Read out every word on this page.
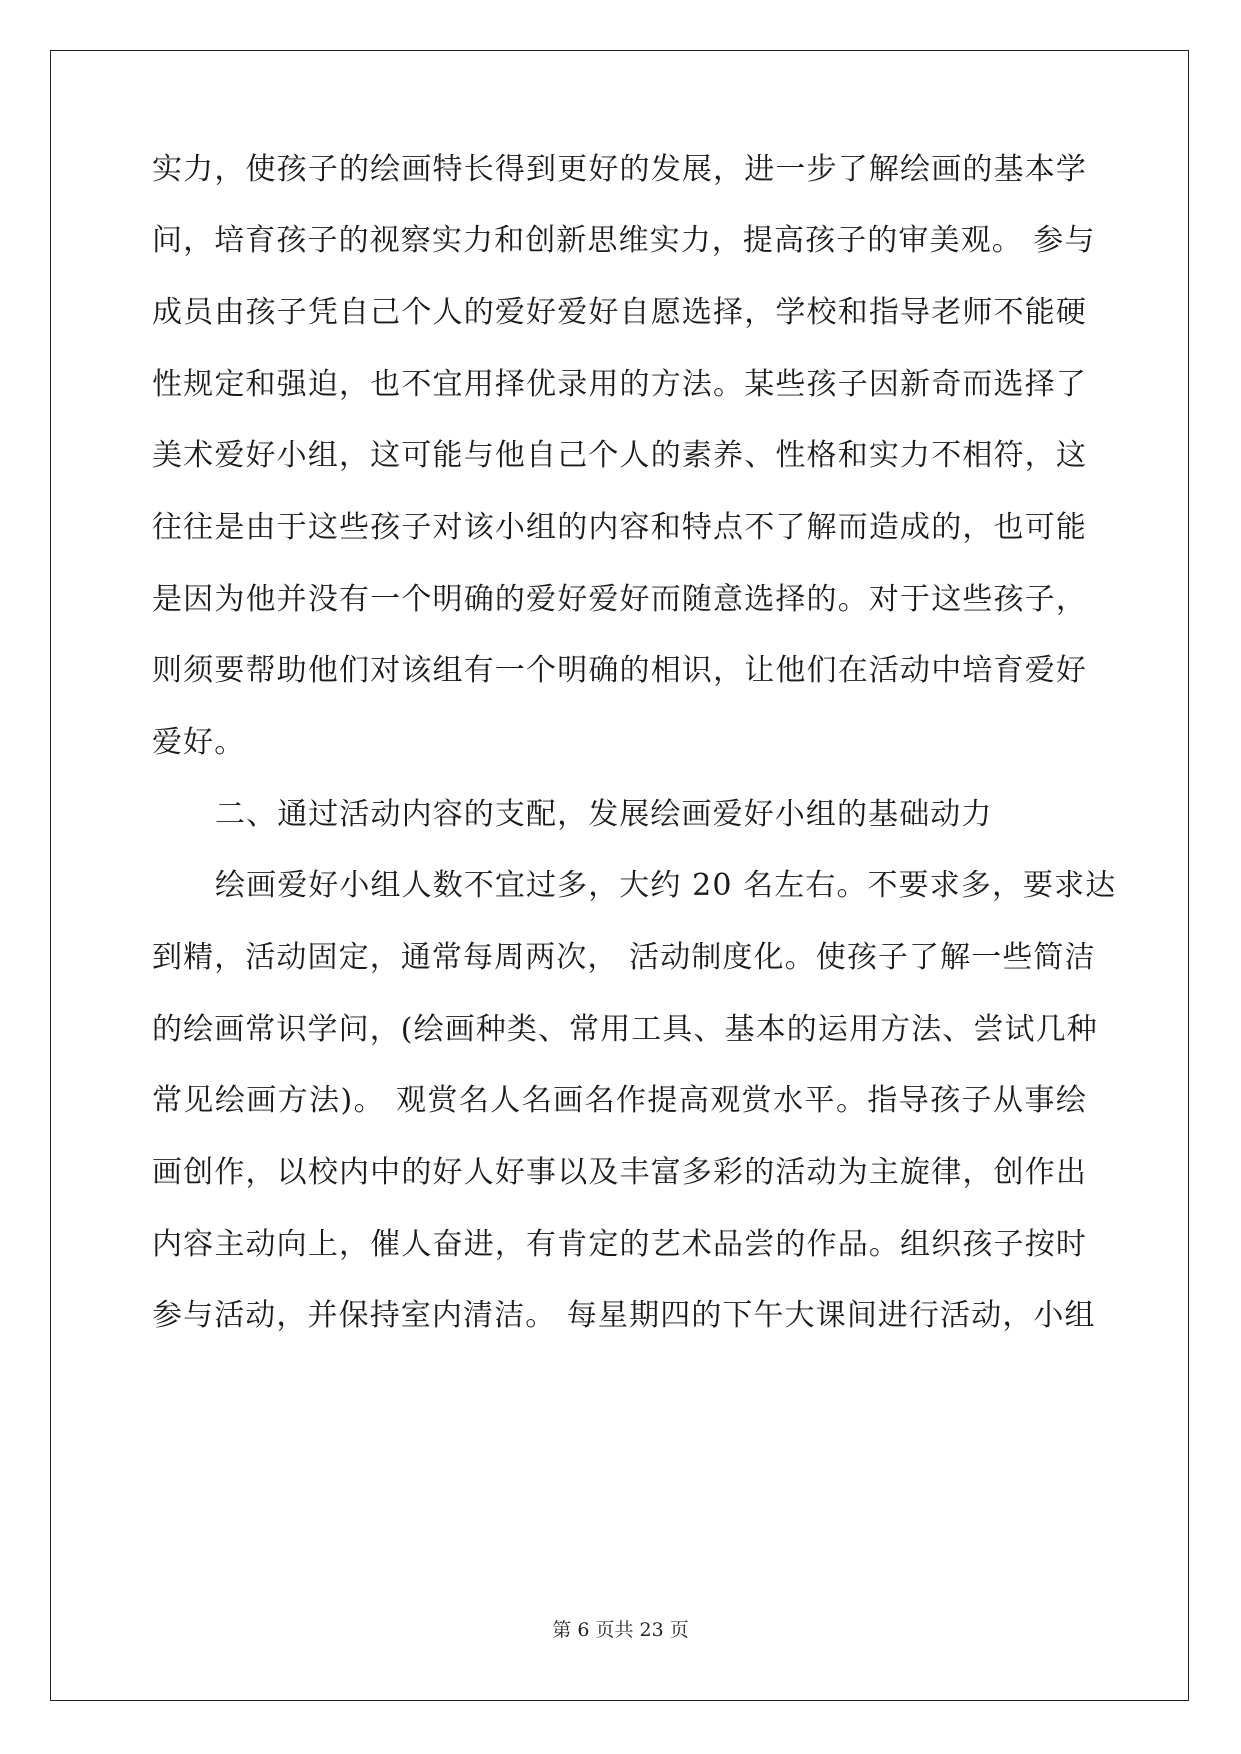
实力，使孩子的绘画特长得到更好的发展，进一步了解绘画的基本学
问，培育孩子的视察实力和创新思维实力，提高孩子的审美观。 参与
成员由孩子凭自己个人的爱好爱好自愿选择，学校和指导老师不能硬
性规定和强迫，也不宜用择优录用的方法。某些孩子因新奇而选择了
美术爱好小组，这可能与他自己个人的素养、性格和实力不相符，这
往往是由于这些孩子对该小组的内容和特点不了解而造成的，也可能
是因为他并没有一个明确的爱好爱好而随意选择的。对于这些孩子，
则须要帮助他们对该组有一个明确的相识，让他们在活动中培育爱好
爱好。
二、通过活动内容的支配，发展绘画爱好小组的基础动力
绘画爱好小组人数不宜过多，大约 20 名左右。不要求多，要求达
到精，活动固定，通常每周两次， 活动制度化。使孩子了解一些简洁
的绘画常识学问，(绘画种类、常用工具、基本的运用方法、尝试几种
常见绘画方法)。 观赏名人名画名作提高观赏水平。指导孩子从事绘
画创作，以校内中的好人好事以及丰富多彩的活动为主旋律，创作出
内容主动向上，催人奋进，有肯定的艺术品尝的作品。组织孩子按时
参与活动，并保持室内清洁。 每星期四的下午大课间进行活动，小组
第 6 页共 23 页
